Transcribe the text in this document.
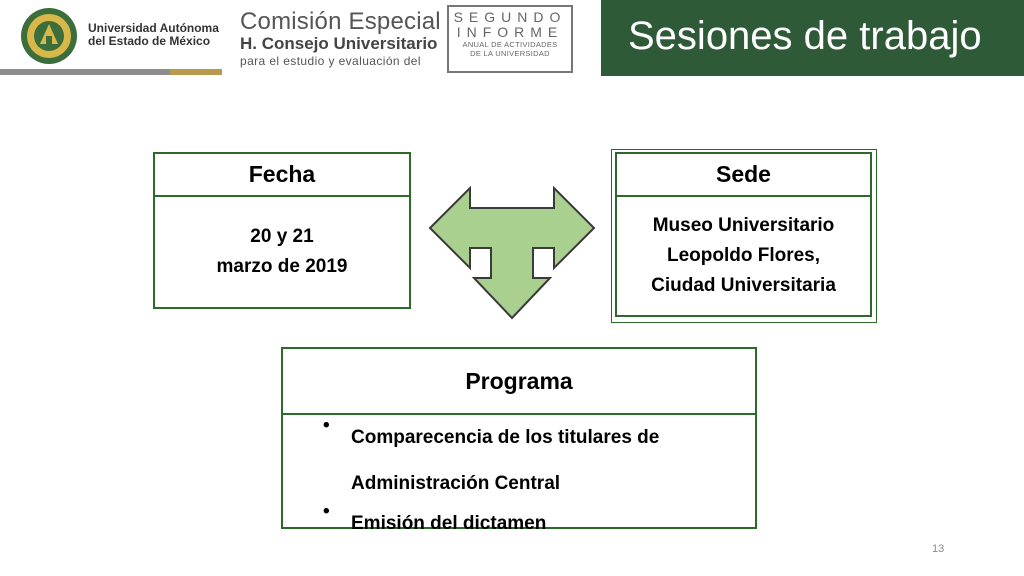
Universidad Autónoma
del Estado de México
Comisión Especial
H. Consejo Universitario
para el estudio y evaluación del
SEGUNDO
INFORME
ANUAL DE ACTIVIDADES
DE LA UNIVERSIDAD	Sesiones de trabajo
Fecha
20 y 21
marzo de 2019
Sede
Museo Universitario
Leopoldo Flores,
Ciudad Universitaria
Programa
•
Comparecencia de los titulares de
Administración Central
•
Emisión del dictamen
13
